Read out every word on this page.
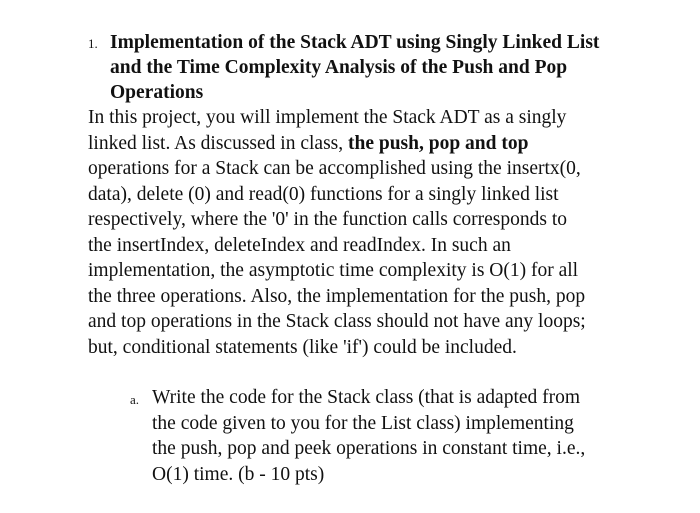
1. Implementation of the Stack ADT using Singly Linked List
and the Time Complexity Analysis of the Push and Pop
Operations

In this project, you will implement the Stack ADT as a singly
linked list. As discussed in class, the push, pop and top
operations for a Stack can be accomplished using the insertx(0,
data), delete (0) and read(0) functions for a singly linked list
respectively, where the '0' in the function calls corresponds to
the insertIndex, deleteIndex and readIndex. In such an
implementation, the asymptotic time complexity is O(1) for all
the three operations. Also, the implementation for the push, pop
and top operations in the Stack class should not have any loops;
but, conditional statements (like 'if') could be included.

a. Write the code for the Stack class (that is adapted from
the code given to you for the List class) implementing
the push, pop and peek operations in constant time, i.e.,
O(1) time. (b - 10 pts)
